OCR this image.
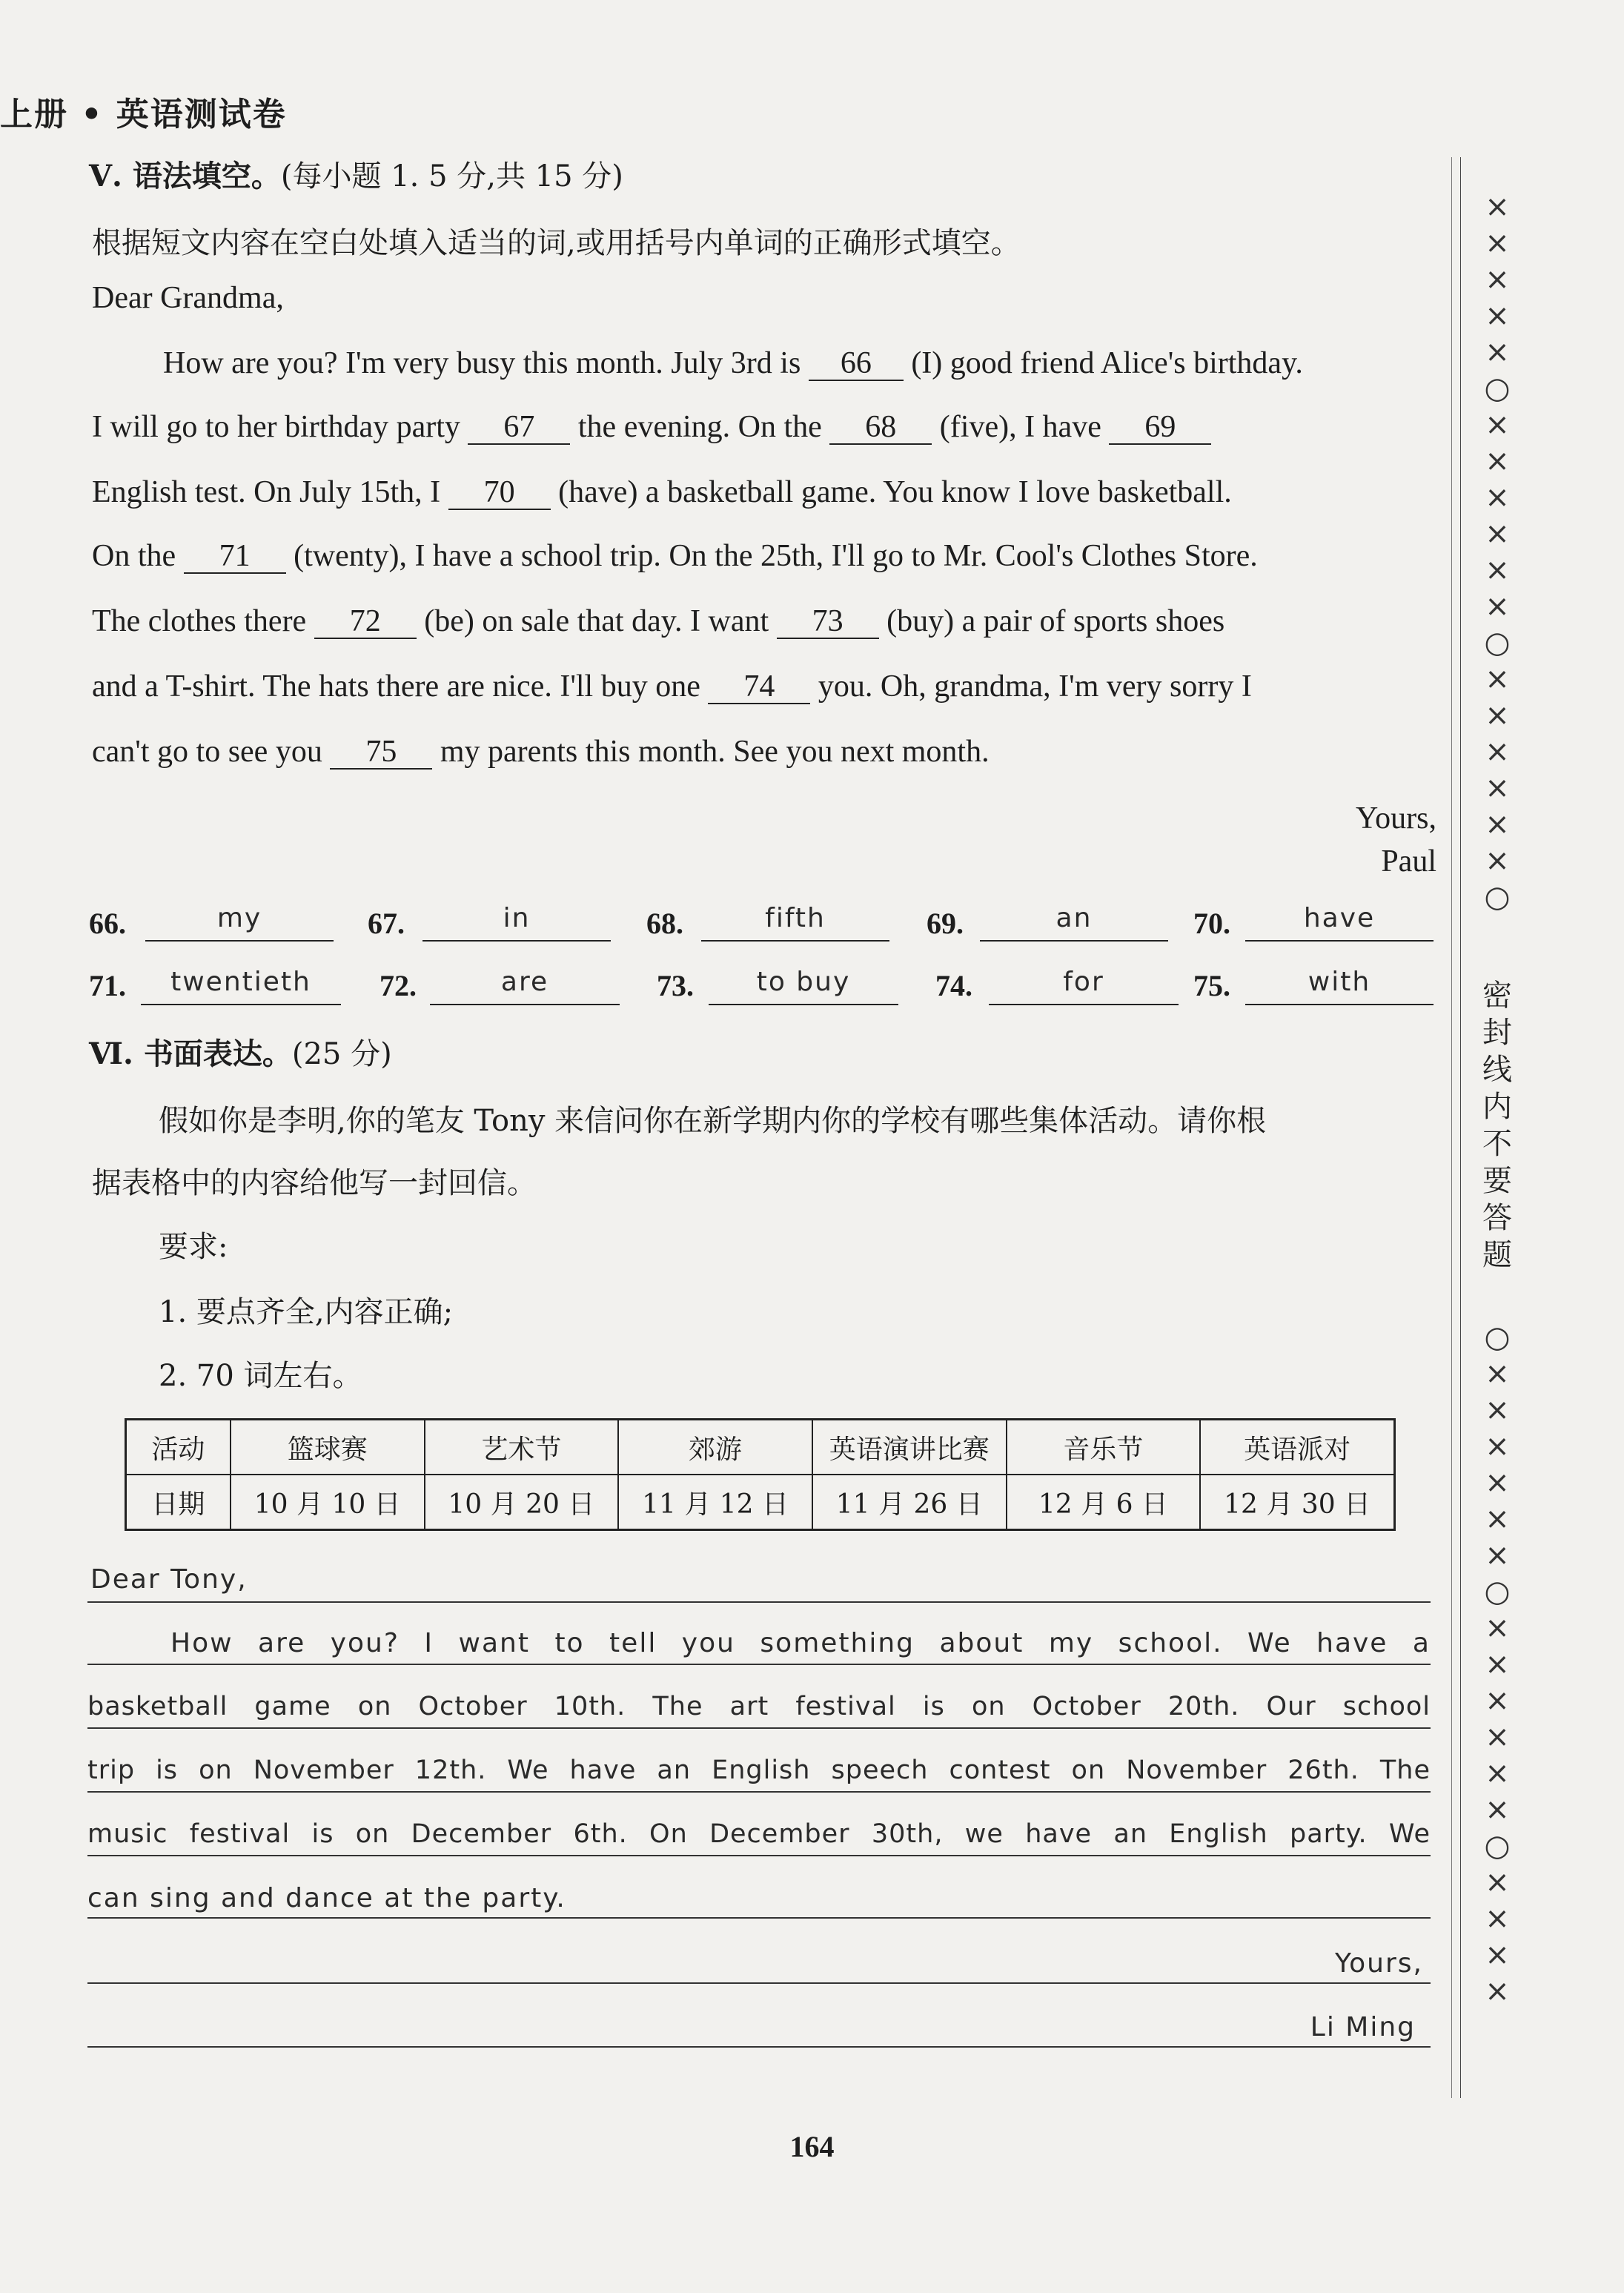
上册 • 英语测试卷
Ⅴ. 语法填空。(每小题 1. 5 分,共 15 分)
根据短文内容在空白处填入适当的词,或用括号内单词的正确形式填空。
Dear Grandma,
How are you? I'm very busy this month. July 3rd is 66 (I) good friend Alice's birthday.
I will go to her birthday party 67 the evening. On the 68 (five), I have 69
English test. On July 15th, I 70 (have) a basketball game. You know I love basketball.
On the 71 (twenty), I have a school trip. On the 25th, I'll go to Mr. Cool's Clothes Store.
The clothes there 72 (be) on sale that day. I want 73 (buy) a pair of sports shoes
and a T-shirt. The hats there are nice. I'll buy one 74 you. Oh, grandma, I'm very sorry I
can't go to see you 75 my parents this month. See you next month.
Yours,
Paul
66.	my	67.	in	68.	fifth	69.	an	70.	have
71.	twentieth	72.	are	73.	to buy	74.	for	75.	with
Ⅵ. 书面表达。(25 分)
假如你是李明,你的笔友 Tony 来信问你在新学期内你的学校有哪些集体活动。请你根
据表格中的内容给他写一封回信。
要求:
1. 要点齐全,内容正确;
2. 70 词左右。
活动	篮球赛	艺术节	郊游	英语演讲比赛	音乐节	英语派对
日期	10 月 10 日	10 月 20 日	11 月 12 日	11 月 26 日	12 月 6 日	12 月 30 日
Dear Tony,
How are you? I want to tell you something about my school. We have a
basketball game on October 10th. The art festival is on October 20th. Our school
trip is on November 12th. We have an English speech contest on November 26th. The
music festival is on December 6th. On December 30th, we have an English party. We
can sing and dance at the party.
Yours,
Li Ming
××××× ○×××××× ○××××××○
密封线内不要答题
○××××××○×××××× ○××××
164
